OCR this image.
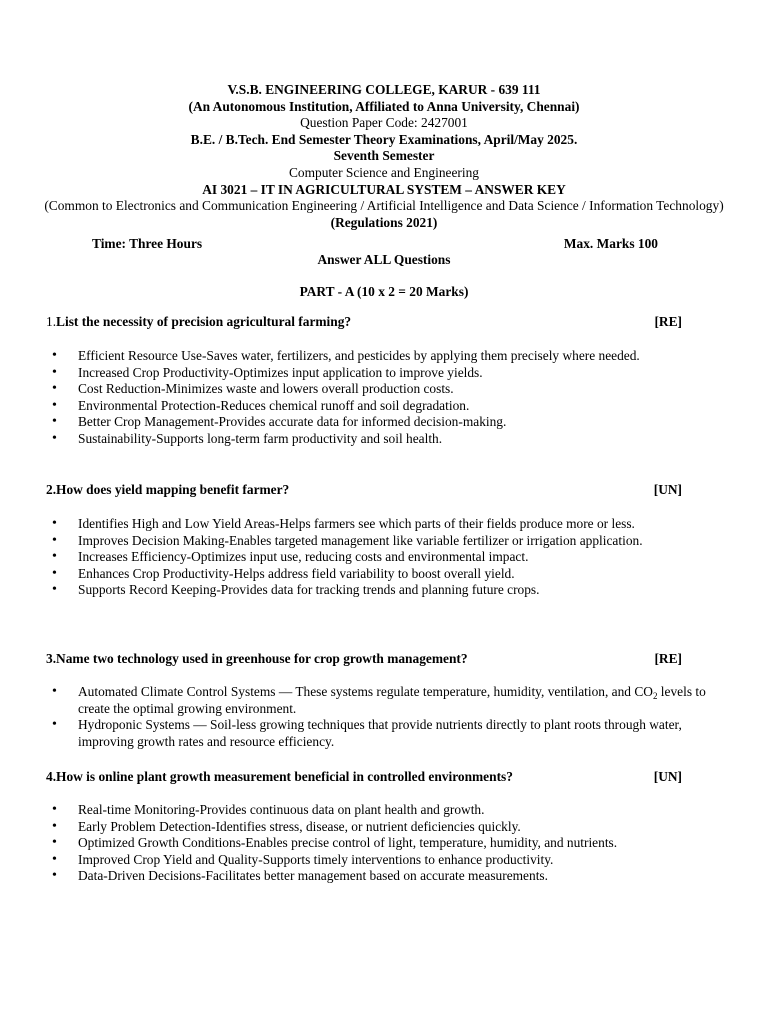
V.S.B. ENGINEERING COLLEGE, KARUR - 639 111
(An Autonomous Institution, Affiliated to Anna University, Chennai)
Question Paper Code: 2427001
B.E. / B.Tech. End Semester Theory Examinations, April/May 2025.
Seventh Semester
Computer Science and Engineering
AI 3021 – IT IN AGRICULTURAL SYSTEM – ANSWER KEY
(Common to Electronics and Communication Engineering / Artificial Intelligence and Data Science / Information Technology)
(Regulations 2021)
Time: Three Hours	Max. Marks 100
Answer ALL Questions
PART - A (10 x 2 = 20 Marks)
1.List the necessity of precision agricultural farming?	[RE]
• Efficient Resource Use-Saves water, fertilizers, and pesticides by applying them precisely where needed.
• Increased Crop Productivity-Optimizes input application to improve yields.
• Cost Reduction-Minimizes waste and lowers overall production costs.
• Environmental Protection-Reduces chemical runoff and soil degradation.
• Better Crop Management-Provides accurate data for informed decision-making.
• Sustainability-Supports long-term farm productivity and soil health.
2.How does yield mapping benefit farmer?	[UN]
• Identifies High and Low Yield Areas-Helps farmers see which parts of their fields produce more or less.
• Improves Decision Making-Enables targeted management like variable fertilizer or irrigation application.
• Increases Efficiency-Optimizes input use, reducing costs and environmental impact.
• Enhances Crop Productivity-Helps address field variability to boost overall yield.
• Supports Record Keeping-Provides data for tracking trends and planning future crops.
3.Name two technology used in greenhouse for crop growth management?	[RE]
• Automated Climate Control Systems — These systems regulate temperature, humidity, ventilation, and $CO_2$ levels to create the optimal growing environment.
• Hydroponic Systems — Soil-less growing techniques that provide nutrients directly to plant roots through water, improving growth rates and resource efficiency.
4.How is online plant growth measurement beneficial in controlled environments?	[UN]
• Real-time Monitoring-Provides continuous data on plant health and growth.
• Early Problem Detection-Identifies stress, disease, or nutrient deficiencies quickly.
• Optimized Growth Conditions-Enables precise control of light, temperature, humidity, and nutrients.
• Improved Crop Yield and Quality-Supports timely interventions to enhance productivity.
• Data-Driven Decisions-Facilitates better management based on accurate measurements.
